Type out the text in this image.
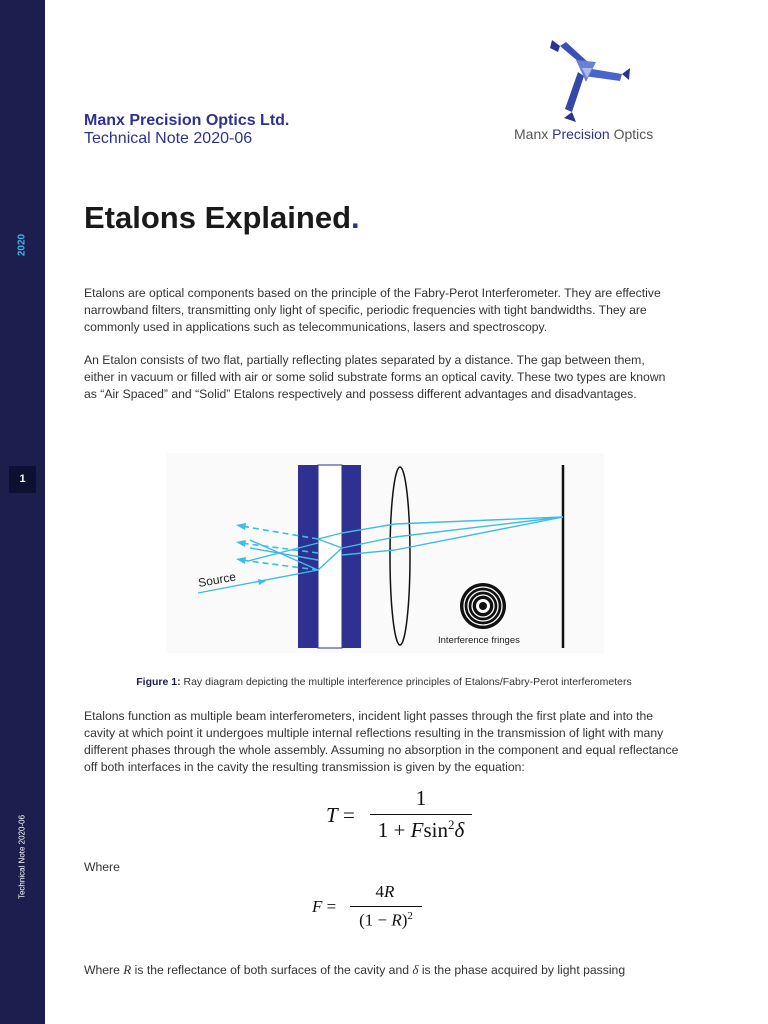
2020
1
Technical Note 2020-06
Manx Precision Optics Ltd.
Technical Note 2020-06	Manx Precision Optics
Etalons Explained.

Etalons are optical components based on the principle of the Fabry-Perot Interferometer. They are effective narrowband filters, transmitting only light of specific, periodic frequencies with tight bandwidths. They are commonly used in applications such as telecommunications, lasers and spectroscopy.

An Etalon consists of two flat, partially reflecting plates separated by a distance. The gap between them, either in vacuum or filled with air or some solid substrate forms an optical cavity. These two types are known as “Air Spaced” and “Solid” Etalons respectively and possess different advantages and disadvantages.

Source
Interference fringes
Figure 1: Ray diagram depicting the multiple interference principles of Etalons/Fabry-Perot interferometers

Etalons function as multiple beam interferometers, incident light passes through the first plate and into the cavity at which point it undergoes multiple internal reflections resulting in the transmission of light with many different phases through the whole assembly. Assuming no absorption in the component and equal reflectance off both interfaces in the cavity the resulting transmission is given by the equation:

T =
1
1 + Fsin$^2$δ
Where
F =
4R
$(1 - R)^2$

Where R is the reflectance of both surfaces of the cavity and δ is the phase acquired by light passing
